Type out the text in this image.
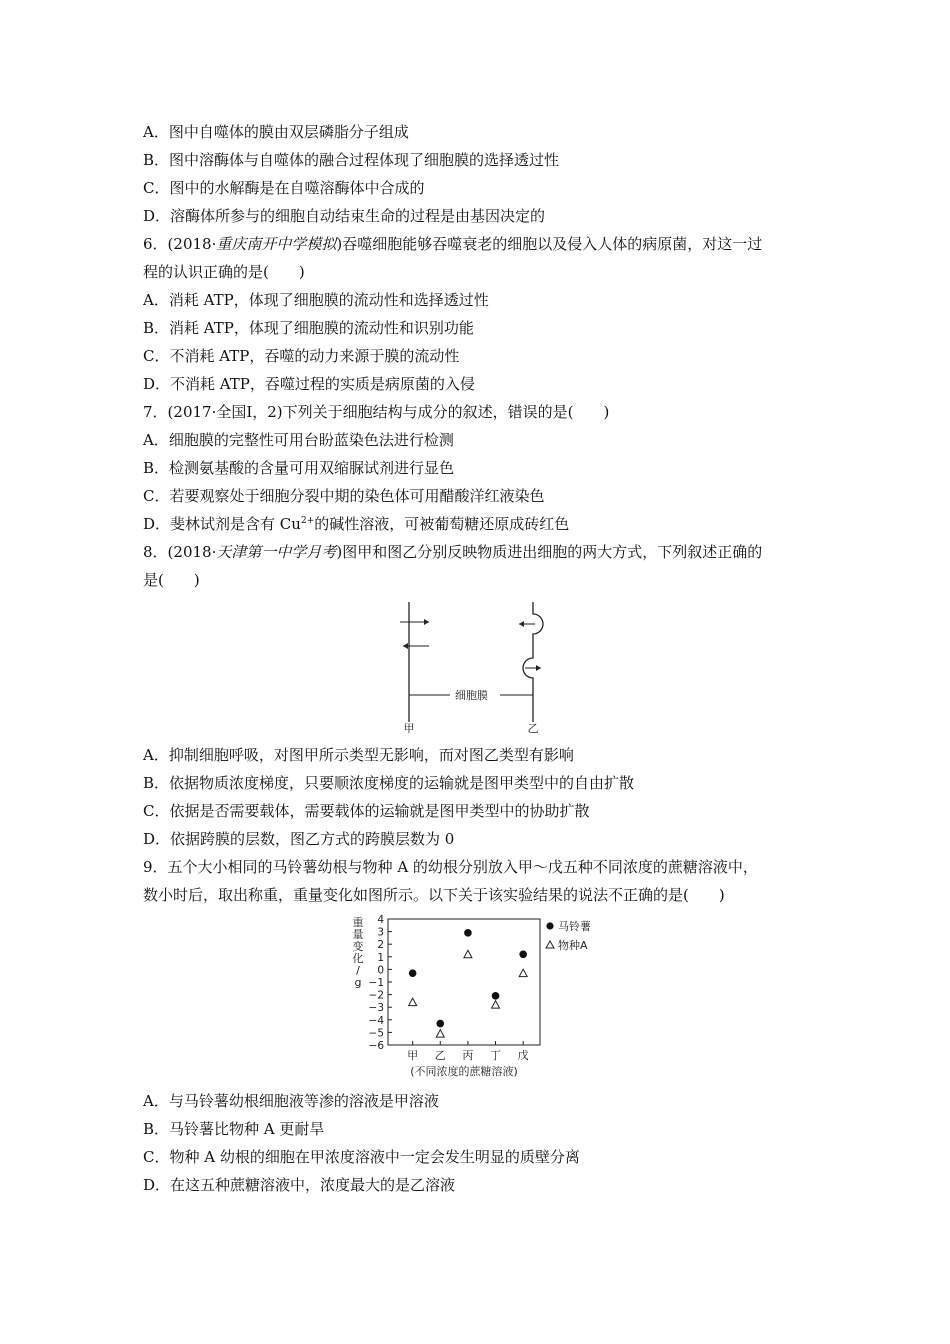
A．图中自噬体的膜由双层磷脂分子组成
B．图中溶酶体与自噬体的融合过程体现了细胞膜的选择透过性
C．图中的水解酶是在自噬溶酶体中合成的
D．溶酶体所参与的细胞自动结束生命的过程是由基因决定的
6．(2018·重庆南开中学模拟)吞噬细胞能够吞噬衰老的细胞以及侵入人体的病原菌，对这一过
程的认识正确的是(　　)
A．消耗 ATP，体现了细胞膜的流动性和选择透过性
B．消耗 ATP，体现了细胞膜的流动性和识别功能
C．不消耗 ATP，吞噬的动力来源于膜的流动性
D．不消耗 ATP，吞噬过程的实质是病原菌的入侵
7．(2017·全国Ⅰ，2)下列关于细胞结构与成分的叙述，错误的是(　　)
A．细胞膜的完整性可用台盼蓝染色法进行检测
B．检测氨基酸的含量可用双缩脲试剂进行显色
C．若要观察处于细胞分裂中期的染色体可用醋酸洋红液染色
D．斐林试剂是含有 $Cu^{2+}$的碱性溶液，可被葡萄糖还原成砖红色
8．(2018·天津第一中学月考)图甲和图乙分别反映物质进出细胞的两大方式，下列叙述正确的
是(　　)
细胞膜
甲	乙
A．抑制细胞呼吸，对图甲所示类型无影响，而对图乙类型有影响
B．依据物质浓度梯度，只要顺浓度梯度的运输就是图甲类型中的自由扩散
C．依据是否需要载体，需要载体的运输就是图甲类型中的协助扩散
D．依据跨膜的层数，图乙方式的跨膜层数为 0
9．五个大小相同的马铃薯幼根与物种 A 的幼根分别放入甲～戊五种不同浓度的蔗糖溶液中，
数小时后，取出称重，重量变化如图所示。以下关于该实验结果的说法不正确的是(　　)
重
量
变
化
/
g
4
3
2
1
0
−1
−2
−3
−4
−5
−6
甲 乙 丙 丁 戊
(不同浓度的蔗糖溶液)
马铃薯
物种A
A．与马铃薯幼根细胞液等渗的溶液是甲溶液
B．马铃薯比物种 A 更耐旱
C．物种 A 幼根的细胞在甲浓度溶液中一定会发生明显的质壁分离
D．在这五种蔗糖溶液中，浓度最大的是乙溶液
